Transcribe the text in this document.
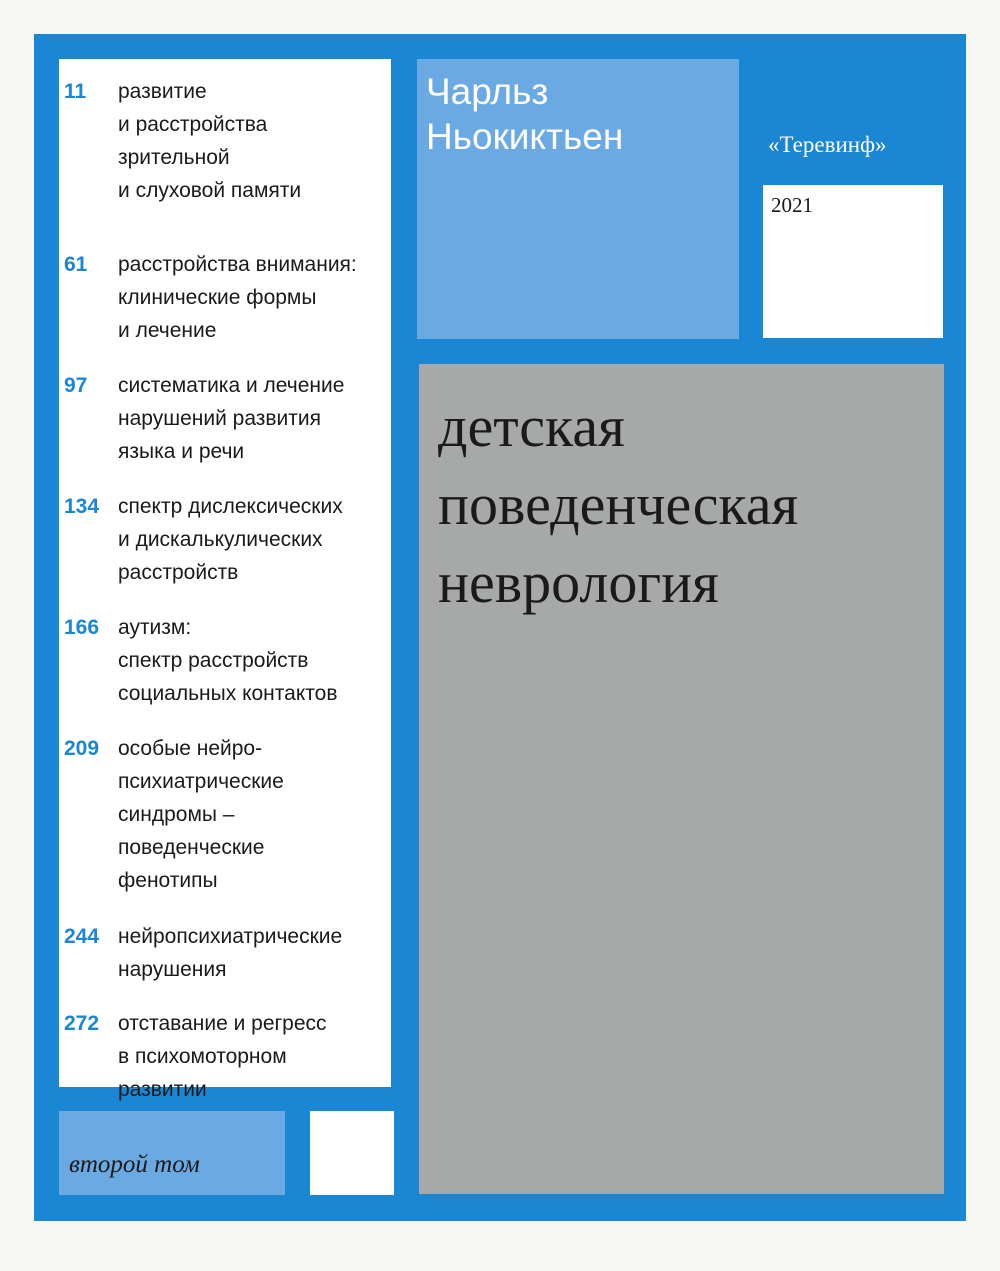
11 развитие
и расстройства
зрительной
и слуховой памяти
61 расстройства внимания:
клинические формы
и лечение
97 систематика и лечение
нарушений развития
языка и речи
134 спектр дислексических
и дискалькулических
расстройств
166 аутизм:
спектр расстройств
социальных контактов
209 особые нейро-
психиатрические
синдромы –
поведенческие
фенотипы
244 нейропсихиатрические
нарушения
272 отставание и регресс
в психомоторном
развитии
второй том
Чарльз
Ньокиктьен	«Теревинф»
2021
детская
поведенческая
неврология
